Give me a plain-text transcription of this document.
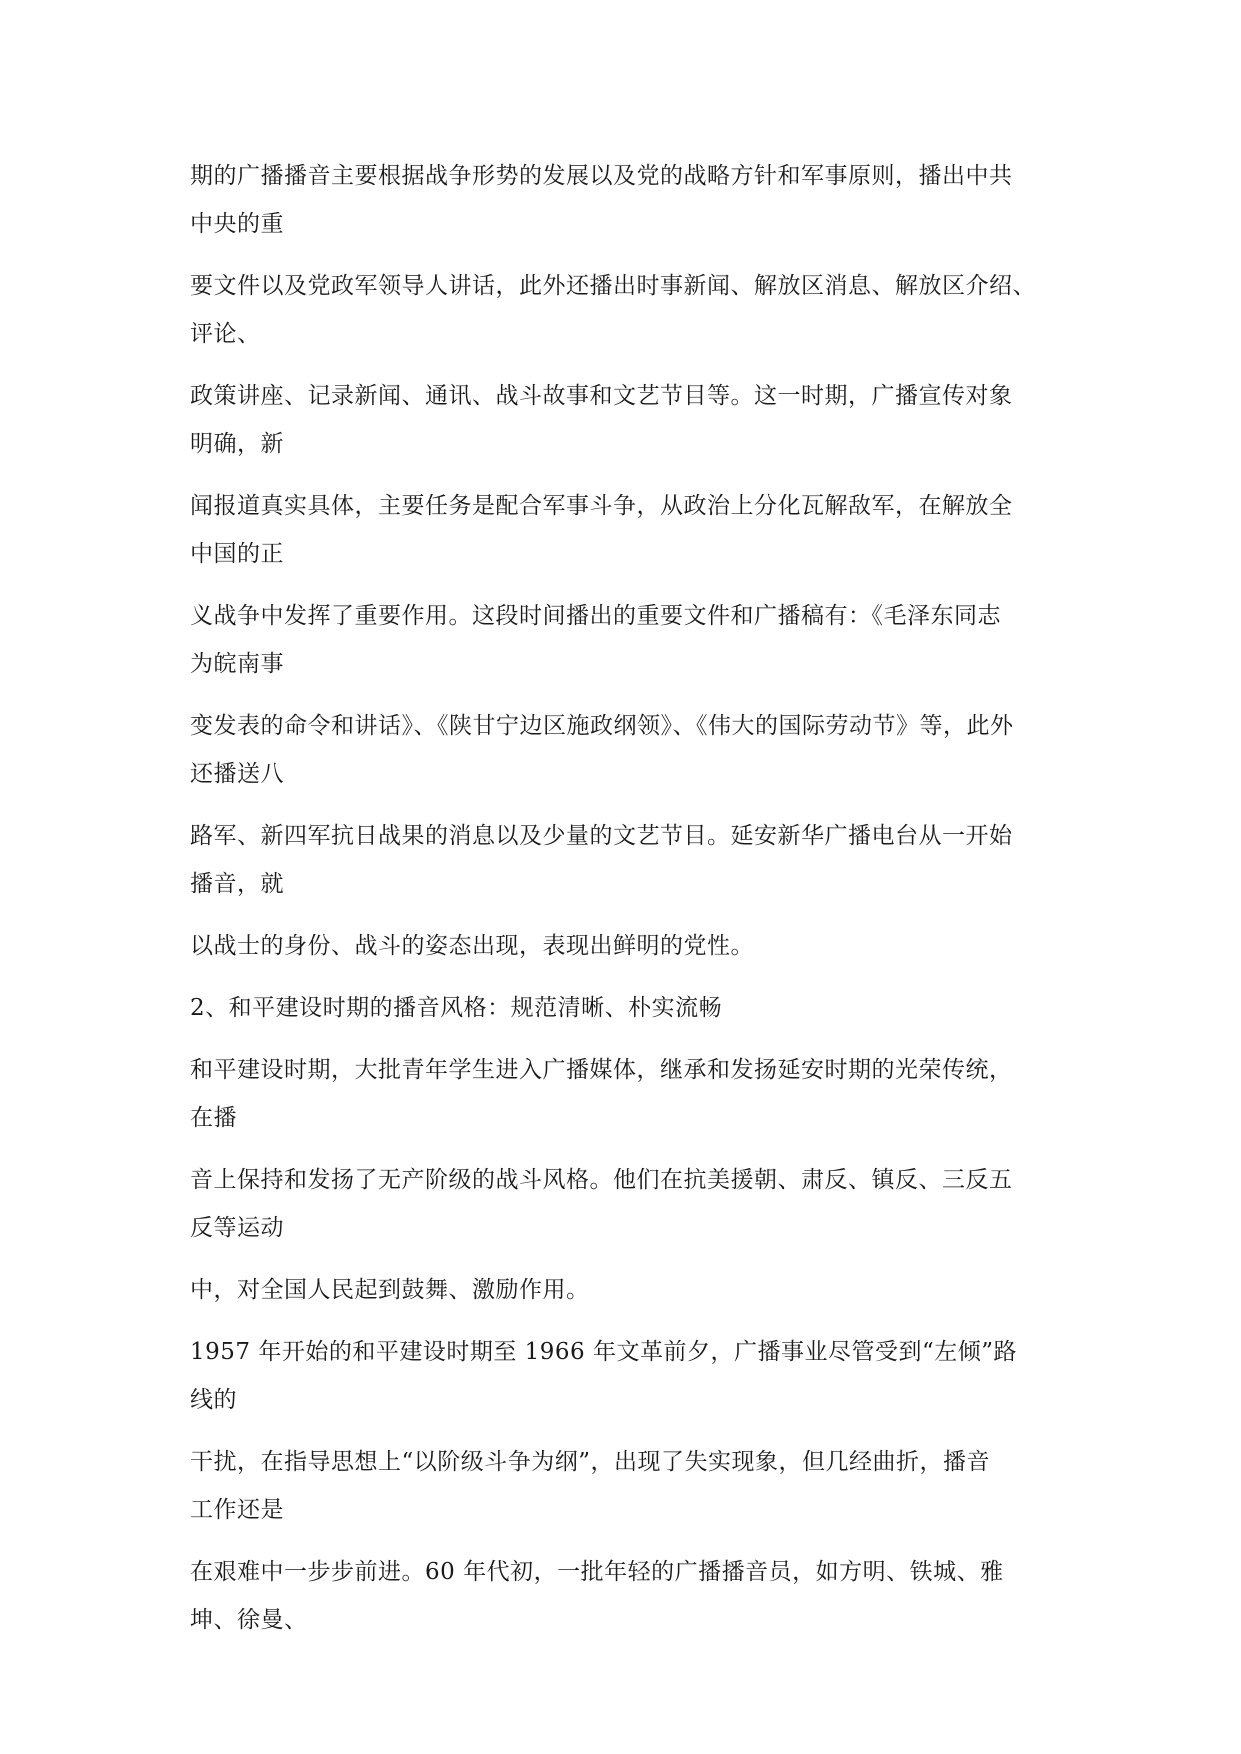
期的广播播音主要根据战争形势的发展以及党的战略方针和军事原则，播出中共
中央的重
要文件以及党政军领导人讲话，此外还播出时事新闻、解放区消息、解放区介绍、
评论、
政策讲座、记录新闻、通讯、战斗故事和文艺节目等。这一时期，广播宣传对象
明确，新
闻报道真实具体，主要任务是配合军事斗争，从政治上分化瓦解敌军，在解放全
中国的正
义战争中发挥了重要作用。这段时间播出的重要文件和广播稿有：《毛泽东同志
为皖南事
变发表的命令和讲话》、《陕甘宁边区施政纲领》、《伟大的国际劳动节》等，此外
还播送八
路军、新四军抗日战果的消息以及少量的文艺节目。延安新华广播电台从一开始
播音，就
以战士的身份、战斗的姿态出现，表现出鲜明的党性。
2、和平建设时期的播音风格：规范清晰、朴实流畅
和平建设时期，大批青年学生进入广播媒体，继承和发扬延安时期的光荣传统，
在播
音上保持和发扬了无产阶级的战斗风格。他们在抗美援朝、肃反、镇反、三反五
反等运动
中，对全国人民起到鼓舞、激励作用。
1957 年开始的和平建设时期至 1966 年文革前夕，广播事业尽管受到“左倾”路
线的
干扰，在指导思想上“以阶级斗争为纲”，出现了失实现象，但几经曲折，播音
工作还是
在艰难中一步步前进。60 年代初，一批年轻的广播播音员，如方明、铁城、雅
坤、徐曼、
